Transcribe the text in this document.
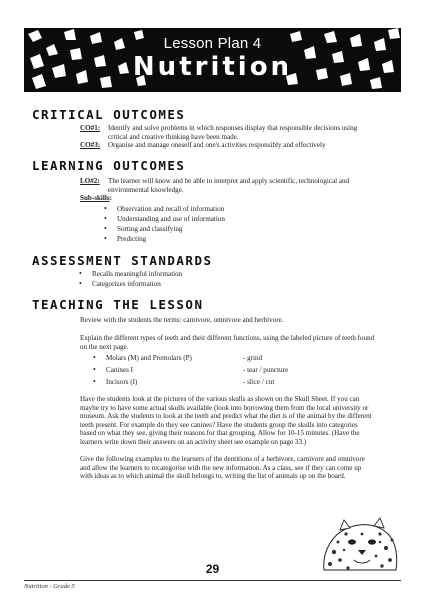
Lesson Plan 4
Nutrition
CRITICAL OUTCOMES
CO#1: Identify and solve problems in which responses display that responsible decisions using
critical and creative thinking have been made.
CO#3: Organise and manage oneself and one's activities responsibly and effectively
LEARNING OUTCOMES
LO#2: The learner will know and be able to interpret and apply scientific, technological and
environmental knowledge.
Sub-skills:
• Observation and recall of information
• Understanding and use of information
• Sorting and classifying
• Predicting
ASSESSMENT STANDARDS
• Recalls meaningful information
• Categorizes information
TEACHING THE LESSON
Review with the students the terms: carnivore, omnivore and herbivore.
Explain the different types of teeth and their different functions, using the labeled picture of teeth found
on the next page.
• Molars (M) and Premolars (P)	- grind
• Canines I	- tear / puncture
• Incisors (I)	- slice / cut
Have the students look at the pictures of the various skulls as shown on the Skull Sheet. If you can
maybe try to have some actual skulls available (look into borrowing them from the local university or
museum. Ask the students to look at the teeth and predict what the diet is of the animal by the different
teeth present. For example do they see canines? Have the students group the skulls into categories
based on what they see, giving their reasons for that grouping. Allow for 10-15 minutes. (Have the
learners write down their answers on an activity sheet see example on page 33.)
Give the following examples to the learners of the dentitions of a herbivore, carnivore and omnivore
and allow the learners to recategorise with the new information. As a class, see if they can come up
with ideas as to which animal the skull belongs to, writing the list of animals up on the board.
29
Nutrition - Grade 5
